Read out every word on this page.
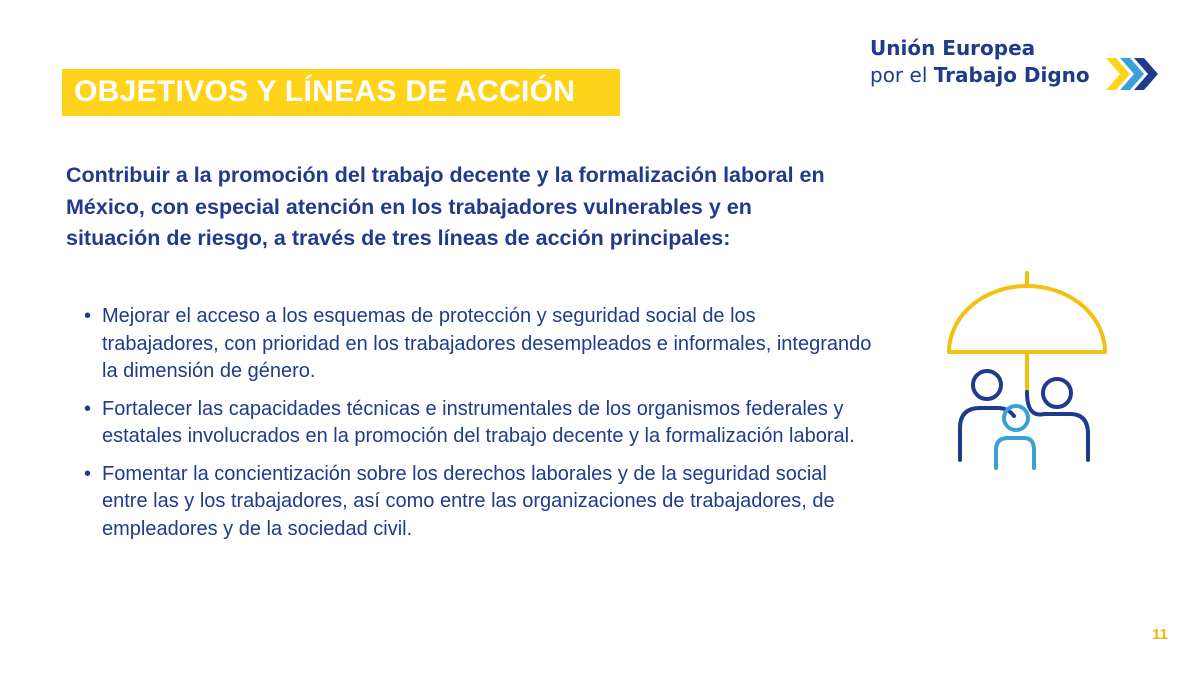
OBJETIVOS Y LÍNEAS DE ACCIÓN
Unión Europea
por el Trabajo Digno
Contribuir a la promoción del trabajo decente y la formalización laboral en México, con especial atención en los trabajadores vulnerables y en situación de riesgo, a través de tres líneas de acción principales:
• Mejorar el acceso a los esquemas de protección y seguridad social de los trabajadores, con prioridad en los trabajadores desempleados e informales, integrando la dimensión de género.
• Fortalecer las capacidades técnicas e instrumentales de los organismos federales y estatales involucrados en la promoción del trabajo decente y la formalización laboral.
• Fomentar la concientización sobre los derechos laborales y de la seguridad social entre las y los trabajadores, así como entre las organizaciones de trabajadores, de empleadores y de la sociedad civil.
11
